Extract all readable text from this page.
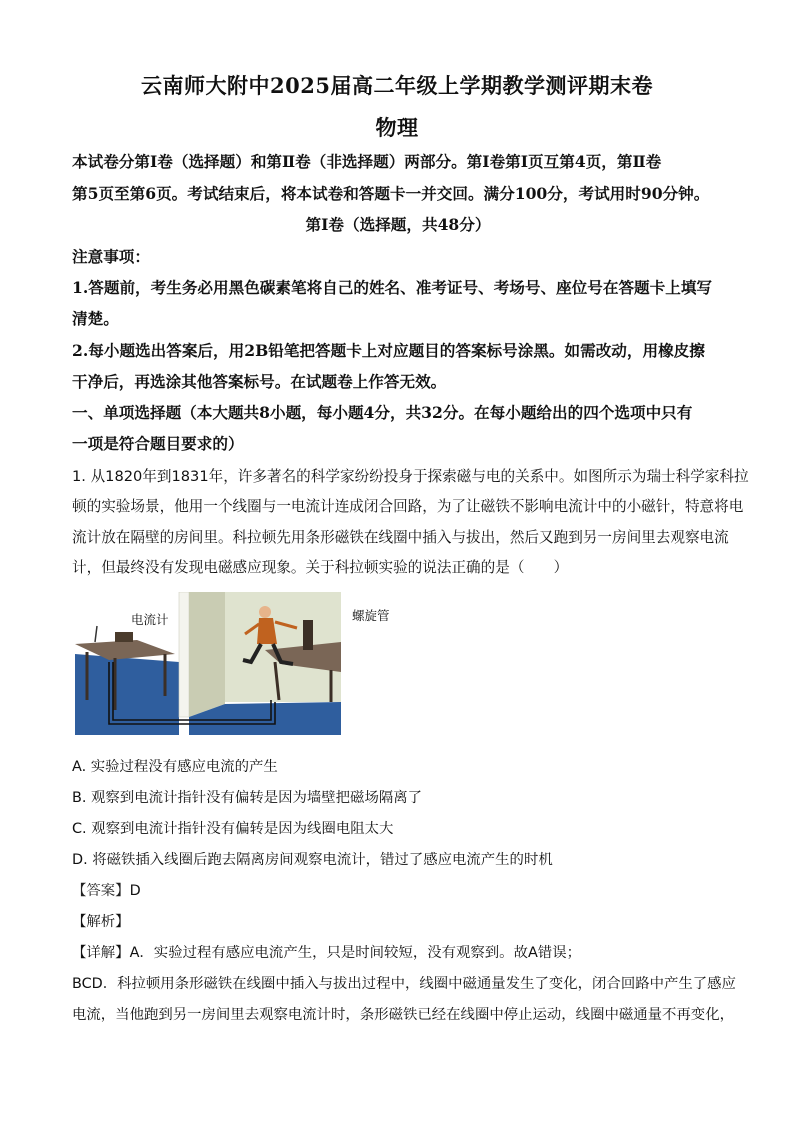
云南师大附中2025届高二年级上学期教学测评期末卷
物理
本试卷分第Ⅰ卷（选择题）和第Ⅱ卷（非选择题）两部分。第Ⅰ卷第Ⅰ页互第4页，第Ⅱ卷
第5页至第6页。考试结束后，将本试卷和答题卡一并交回。满分100分，考试用时90分钟。
第Ⅰ卷（选择题，共48分）
注意事项：
1.答题前，考生务必用黑色碳素笔将自己的姓名、准考证号、考场号、座位号在答题卡上填写
清楚。
2.每小题选出答案后，用2B铅笔把答题卡上对应题目的答案标号涂黑。如需改动，用橡皮擦
干净后，再选涂其他答案标号。在试题卷上作答无效。
一、单项选择题（本大题共8小题，每小题4分，共32分。在每小题给出的四个选项中只有
一项是符合题目要求的）
1. 从1820年到1831年，许多著名的科学家纷纷投身于探索磁与电的关系中。如图所示为瑞士科学家科拉
顿的实验场景，他用一个线圈与一电流计连成闭合回路，为了让磁铁不影响电流计中的小磁针，特意将电
流计放在隔壁的房间里。科拉顿先用条形磁铁在线圈中插入与拔出，然后又跑到另一房间里去观察电流
计，但最终没有发现电磁感应现象。关于科拉顿实验的说法正确的是（　　）
电流计	螺旋管
A. 实验过程没有感应电流的产生
B. 观察到电流计指针没有偏转是因为墙壁把磁场隔离了
C. 观察到电流计指针没有偏转是因为线圈电阻太大
D. 将磁铁插入线圈后跑去隔离房间观察电流计，错过了感应电流产生的时机
【答案】D
【解析】
【详解】A．实验过程有感应电流产生，只是时间较短，没有观察到。故A错误；
BCD．科拉顿用条形磁铁在线圈中插入与拔出过程中，线圈中磁通量发生了变化，闭合回路中产生了感应
电流，当他跑到另一房间里去观察电流计时，条形磁铁已经在线圈中停止运动，线圈中磁通量不再变化，
